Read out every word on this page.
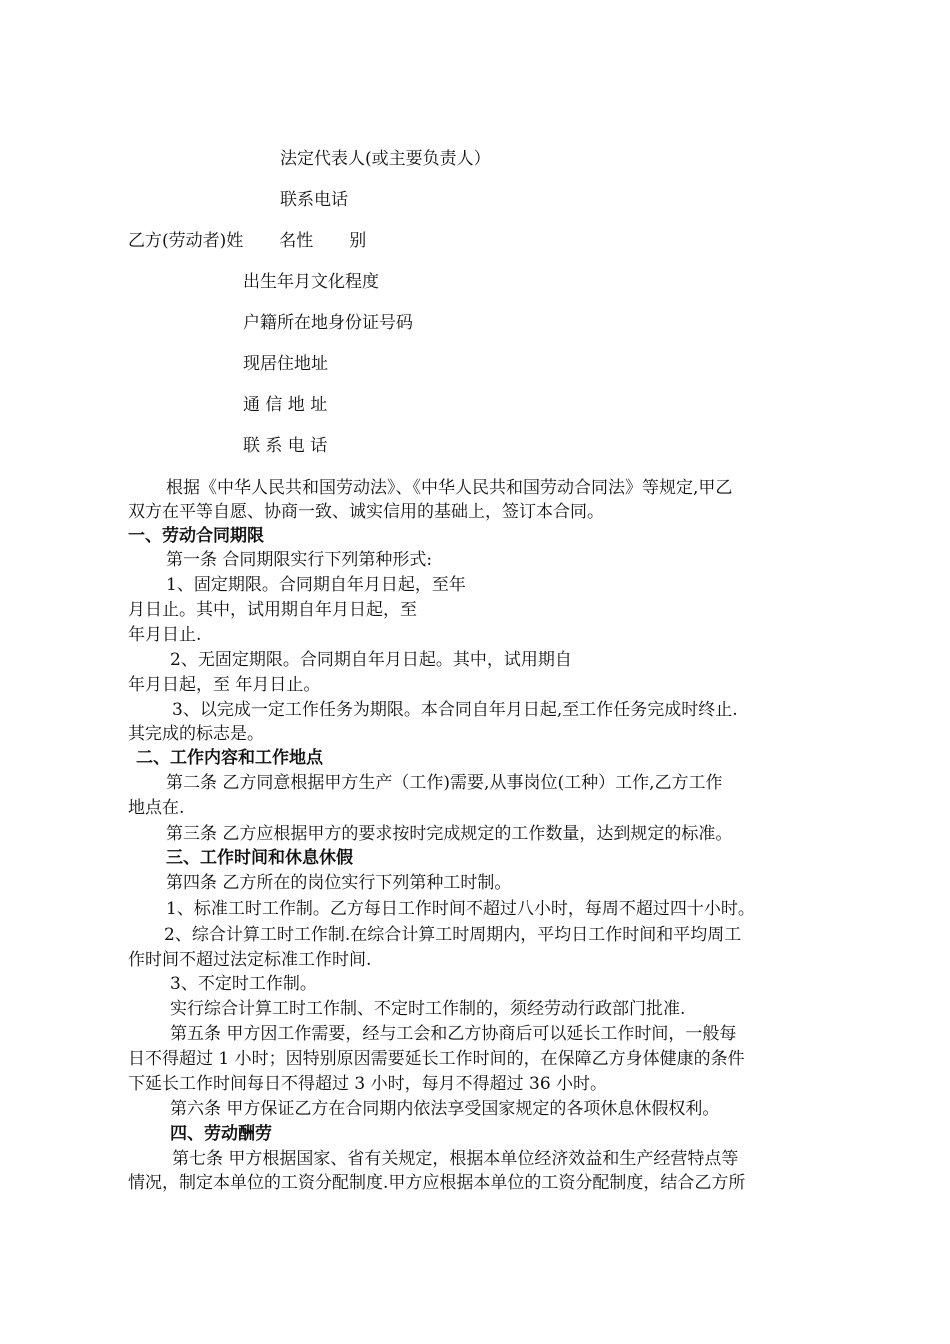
法定代表人(或主要负责人）
联系电话
乙方(劳动者)姓 名性 别
出生年月文化程度
户籍所在地身份证号码
现居住地址
通 信 地 址
联 系 电 话
根据《中华人民共和国劳动法》、《中华人民共和国劳动合同法》等规定,甲乙
双方在平等自愿、协商一致、诚实信用的基础上，签订本合同。
一、劳动合同期限
第一条 合同期限实行下列第种形式:
1、固定期限。合同期自年月日起，至年
月日止。其中，试用期自年月日起，至
年月日止.
2、无固定期限。合同期自年月日起。其中，试用期自
年月日起，至 年月日止。
3、以完成一定工作任务为期限。本合同自年月日起,至工作任务完成时终止.
其完成的标志是。
二、工作内容和工作地点
第二条 乙方同意根据甲方生产（工作)需要,从事岗位(工种）工作,乙方工作
地点在.
第三条 乙方应根据甲方的要求按时完成规定的工作数量，达到规定的标准。
三、工作时间和休息休假
第四条 乙方所在的岗位实行下列第种工时制。
1、标准工时工作制。乙方每日工作时间不超过八小时，每周不超过四十小时。
2、综合计算工时工作制.在综合计算工时周期内，平均日工作时间和平均周工
作时间不超过法定标准工作时间.
3、不定时工作制。
实行综合计算工时工作制、不定时工作制的，须经劳动行政部门批准.
第五条 甲方因工作需要，经与工会和乙方协商后可以延长工作时间，一般每
日不得超过 1 小时；因特别原因需要延长工作时间的，在保障乙方身体健康的条件
下延长工作时间每日不得超过 3 小时，每月不得超过 36 小时。
第六条 甲方保证乙方在合同期内依法享受国家规定的各项休息休假权利。
四、劳动酬劳
第七条 甲方根据国家、省有关规定，根据本单位经济效益和生产经营特点等
情况，制定本单位的工资分配制度.甲方应根据本单位的工资分配制度，结合乙方所
